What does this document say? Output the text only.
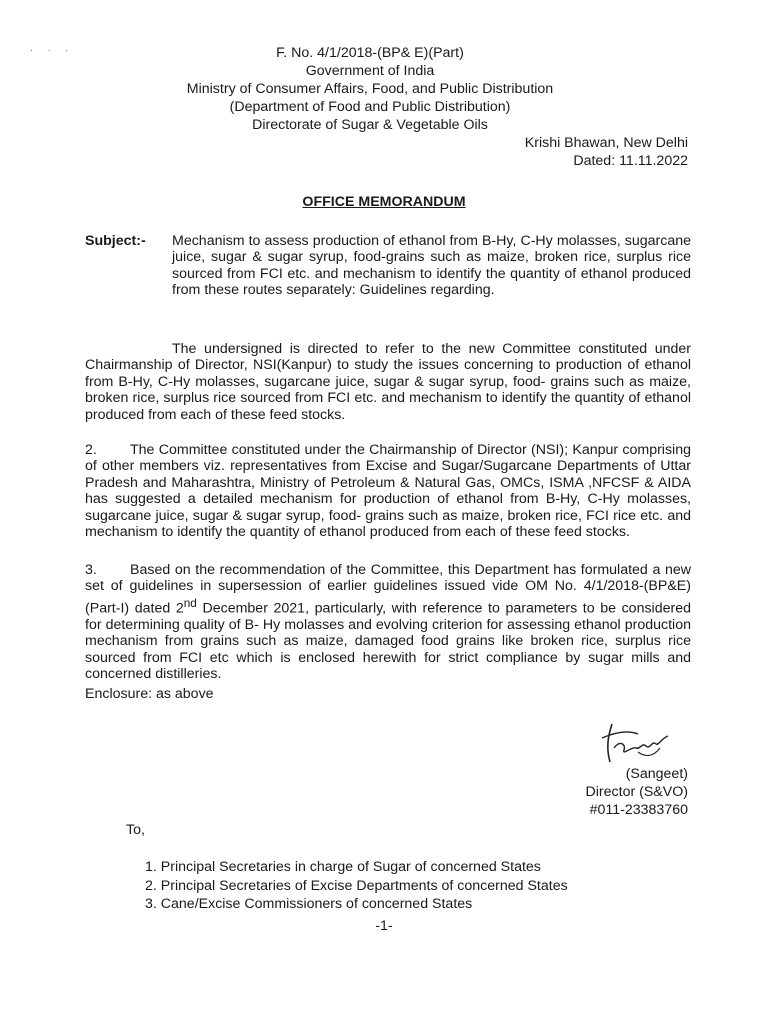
· · ·	F. No. 4/1/2018-(BP& E)(Part)
Government of India
Ministry of Consumer Affairs, Food, and Public Distribution
(Department of Food and Public Distribution)
Directorate of Sugar & Vegetable Oils
Krishi Bhawan, New Delhi
Dated: 11.11.2022
OFFICE MEMORANDUM
Subject:- Mechanism to assess production of ethanol from B-Hy, C-Hy molasses, sugarcane juice, sugar & sugar syrup, food-grains such as maize, broken rice, surplus rice sourced from FCI etc. and mechanism to identify the quantity of ethanol produced from these routes separately: Guidelines regarding.
The undersigned is directed to refer to the new Committee constituted under Chairmanship of Director, NSI(Kanpur) to study the issues concerning to production of ethanol from B-Hy, C-Hy molasses, sugarcane juice, sugar & sugar syrup, food- grains such as maize, broken rice, surplus rice sourced from FCI etc. and mechanism to identify the quantity of ethanol produced from each of these feed stocks.
2. The Committee constituted under the Chairmanship of Director (NSI); Kanpur comprising of other members viz. representatives from Excise and Sugar/Sugarcane Departments of Uttar Pradesh and Maharashtra, Ministry of Petroleum & Natural Gas, OMCs, ISMA ,NFCSF & AIDA has suggested a detailed mechanism for production of ethanol from B-Hy, C-Hy molasses, sugarcane juice, sugar & sugar syrup, food- grains such as maize, broken rice, FCI rice etc. and mechanism to identify the quantity of ethanol produced from each of these feed stocks.
3. Based on the recommendation of the Committee, this Department has formulated a new set of guidelines in supersession of earlier guidelines issued vide OM No. 4/1/2018-(BP&E)(Part-I) dated 2nd December 2021, particularly, with reference to parameters to be considered for determining quality of B- Hy molasses and evolving criterion for assessing ethanol production mechanism from grains such as maize, damaged food grains like broken rice, surplus rice sourced from FCI etc which is enclosed herewith for strict compliance by sugar mills and concerned distilleries.
Enclosure: as above
(Sangeet)
Director (S&VO)
#011-23383760
To,
1. Principal Secretaries in charge of Sugar of concerned States
2. Principal Secretaries of Excise Departments of concerned States
3. Cane/Excise Commissioners of concerned States
-1-
